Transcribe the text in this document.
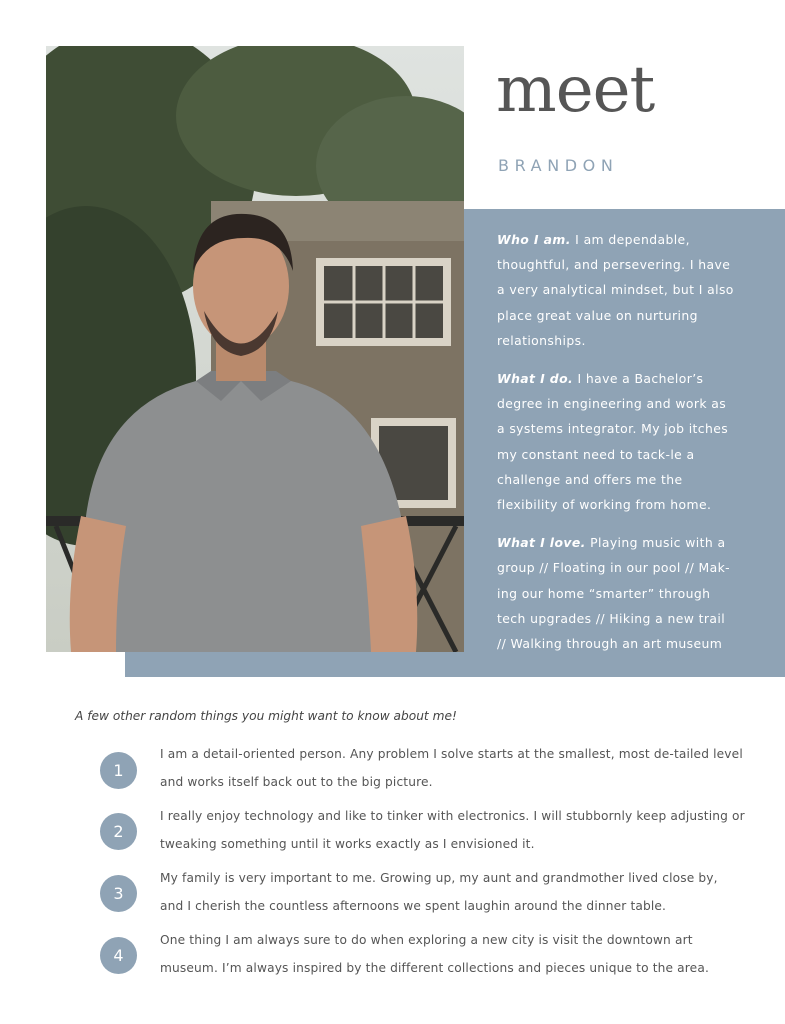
meet
BRANDON

Who I am. I am dependable, thoughtful, and persevering. I have a very analytical mindset, but I also place great value on nurturing relationships.

What I do. I have a Bachelor’s degree in engineering and work as a systems integrator. My job itches my constant need to tack-le a challenge and offers me the flexibility of working from home.

What I love. Playing music with a group // Floating in our pool // Mak-ing our home “smarter” through tech upgrades // Hiking a new trail // Walking through an art museum

A few other random things you might want to know about me!
1
I am a detail-oriented person. Any problem I solve starts at the smallest, most de-tailed level and works itself back out to the big picture.
2
I really enjoy technology and like to tinker with electronics. I will stubbornly keep adjusting or tweaking something until it works exactly as I envisioned it.
3
My family is very important to me. Growing up, my aunt and grandmother lived close by, and I cherish the countless afternoons we spent laughin around the dinner table.
4
One thing I am always sure to do when exploring a new city is visit the downtown art museum. I’m always inspired by the different collections and pieces unique to the area.
